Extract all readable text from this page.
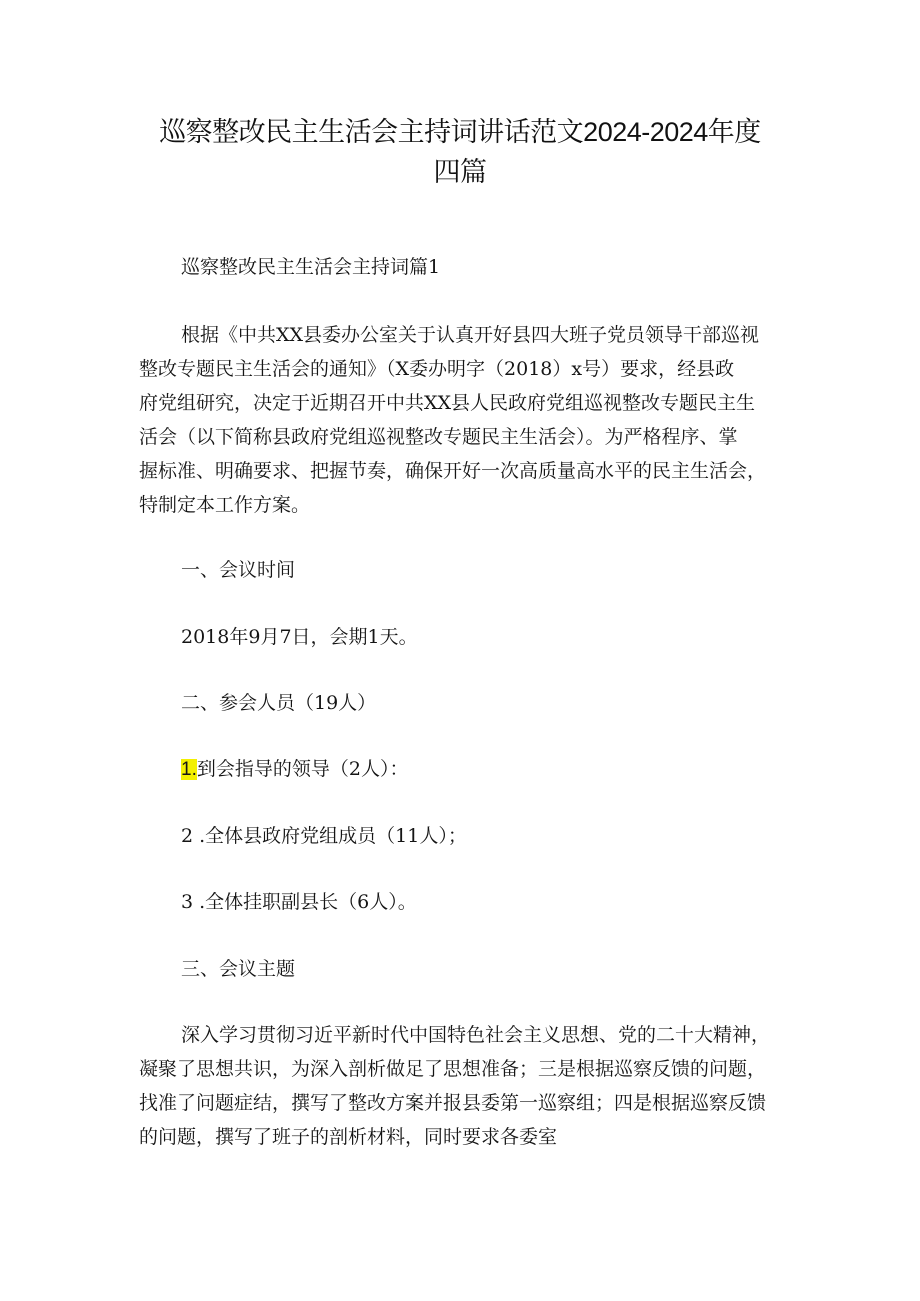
巡察整改民主生活会主持词讲话范文2024-2024年度
四篇

巡察整改民主生活会主持词篇1

根据《中共XX县委办公室关于认真开好县四大班子党员领导干部巡视
整改专题民主生活会的通知》（X委办明字（2018）x号）要求，经县政
府党组研究，决定于近期召开中共XX县人民政府党组巡视整改专题民主生
活会（以下简称县政府党组巡视整改专题民主生活会）。为严格程序、掌
握标准、明确要求、把握节奏，确保开好一次高质量高水平的民主生活会，
特制定本工作方案。

一、会议时间

2018年9月7日，会期1天。

二、参会人员（19人）

1.到会指导的领导（2人）：

2 .全体县政府党组成员（11人）；

3 .全体挂职副县长（6人）。

三、会议主题

深入学习贯彻习近平新时代中国特色社会主义思想、党的二十大精神，
凝聚了思想共识，为深入剖析做足了思想准备；三是根据巡察反馈的问题，
找准了问题症结，撰写了整改方案并报县委第一巡察组；四是根据巡察反馈
的问题，撰写了班子的剖析材料，同时要求各委室
